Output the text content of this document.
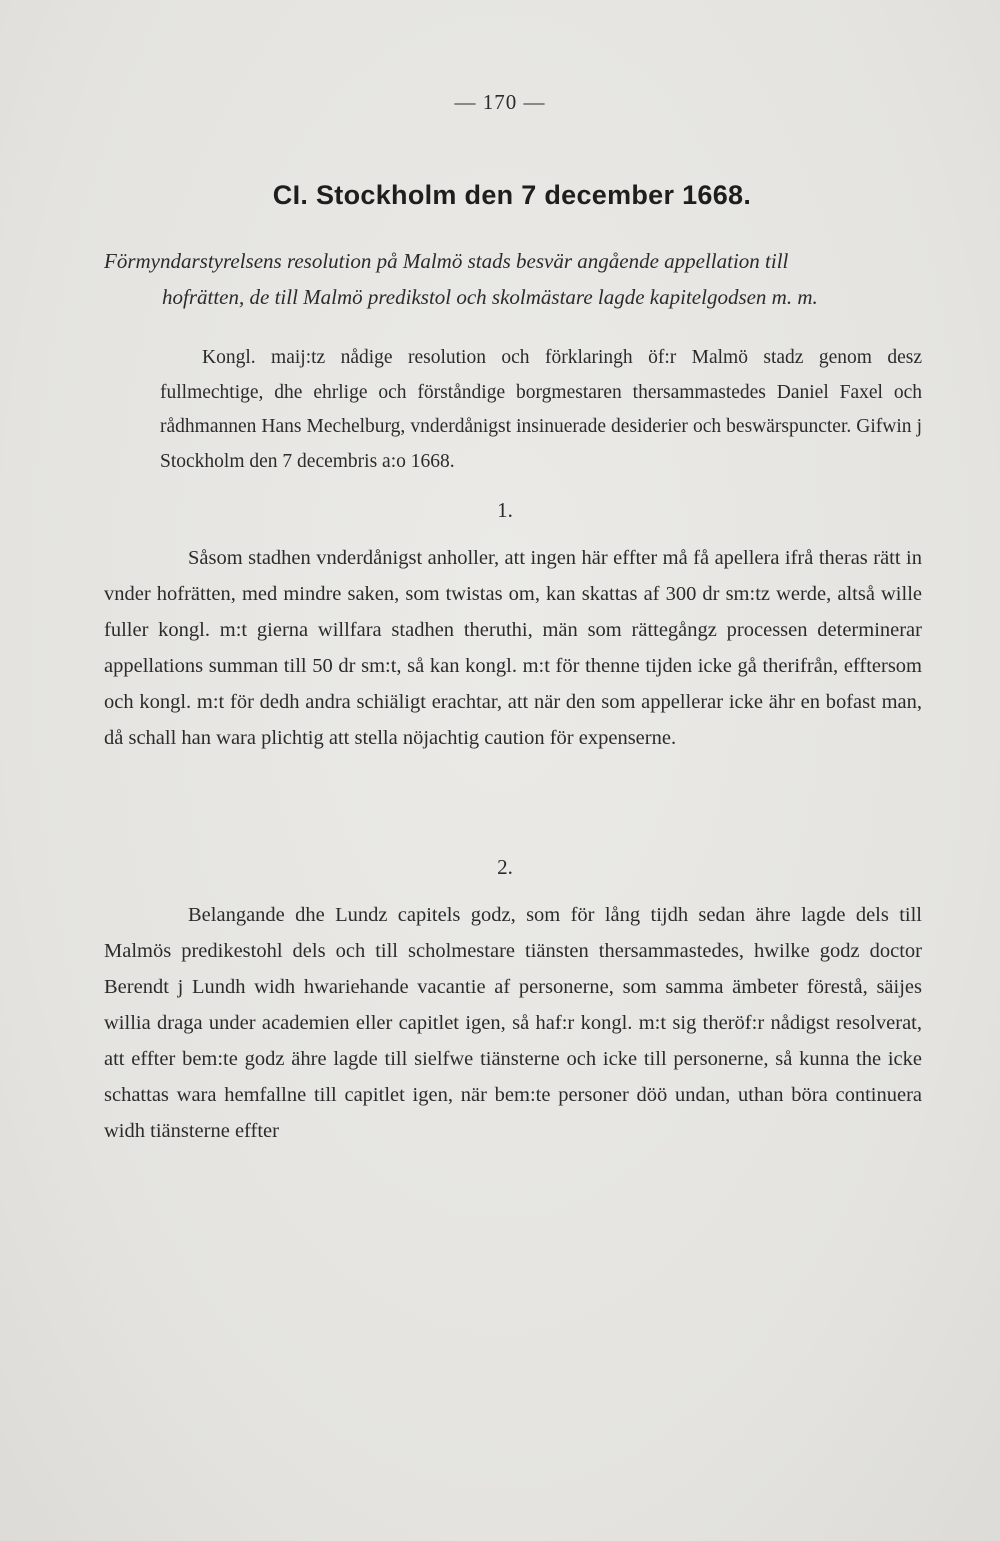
— 170 —
CI. Stockholm den 7 december 1668.
Förmyndarstyrelsens resolution på Malmö stads besvär angående appellation till
hofrätten, de till Malmö predikstol och skolmästare lagde kapitelgodsen m. m.

Kongl. maij:tz nådige resolution och förklaringh öf:r Malmö stadz genom desz fullmechtige, dhe ehrlige och förståndige borgmestaren thersammastedes Daniel Faxel och rådhmannen Hans Mechelburg, vnderdånigst insinuerade desiderier och beswärspuncter. Gifwin j Stockholm den 7 decembris a:o 1668.

1.

Såsom stadhen vnderdånigst anholler, att ingen här effter må få apellera ifrå theras rätt in vnder hofrätten, med mindre saken, som twistas om, kan skattas af 300 dr sm:tz werde, altså wille fuller kongl. m:t gierna willfara stadhen theruthi, män som rättegångz processen determinerar appellations summan till 50 dr sm:t, så kan kongl. m:t för thenne tijden icke gå therifrån, efftersom och kongl. m:t för dedh andra schiäligt erachtar, att när den som appellerar icke ähr en bofast man, då schall han wara plichtig att stella nöjachtig caution för expenserne.

2.

Belangande dhe Lundz capitels godz, som för lång tijdh sedan ähre lagde dels till Malmös predikestohl dels och till scholmestare tiänsten thersammastedes, hwilke godz doctor Berendt j Lundh widh hwariehande vacantie af personerne, som samma ämbeter förestå, säijes willia draga under academien eller capitlet igen, så haf:r kongl. m:t sig theröf:r nådigst resolverat, att effter bem:te godz ähre lagde till sielfwe tiänsterne och icke till personerne, så kunna the icke schattas wara hemfallne till capitlet igen, när bem:te personer döö undan, uthan böra continuera widh tiänsterne effter
